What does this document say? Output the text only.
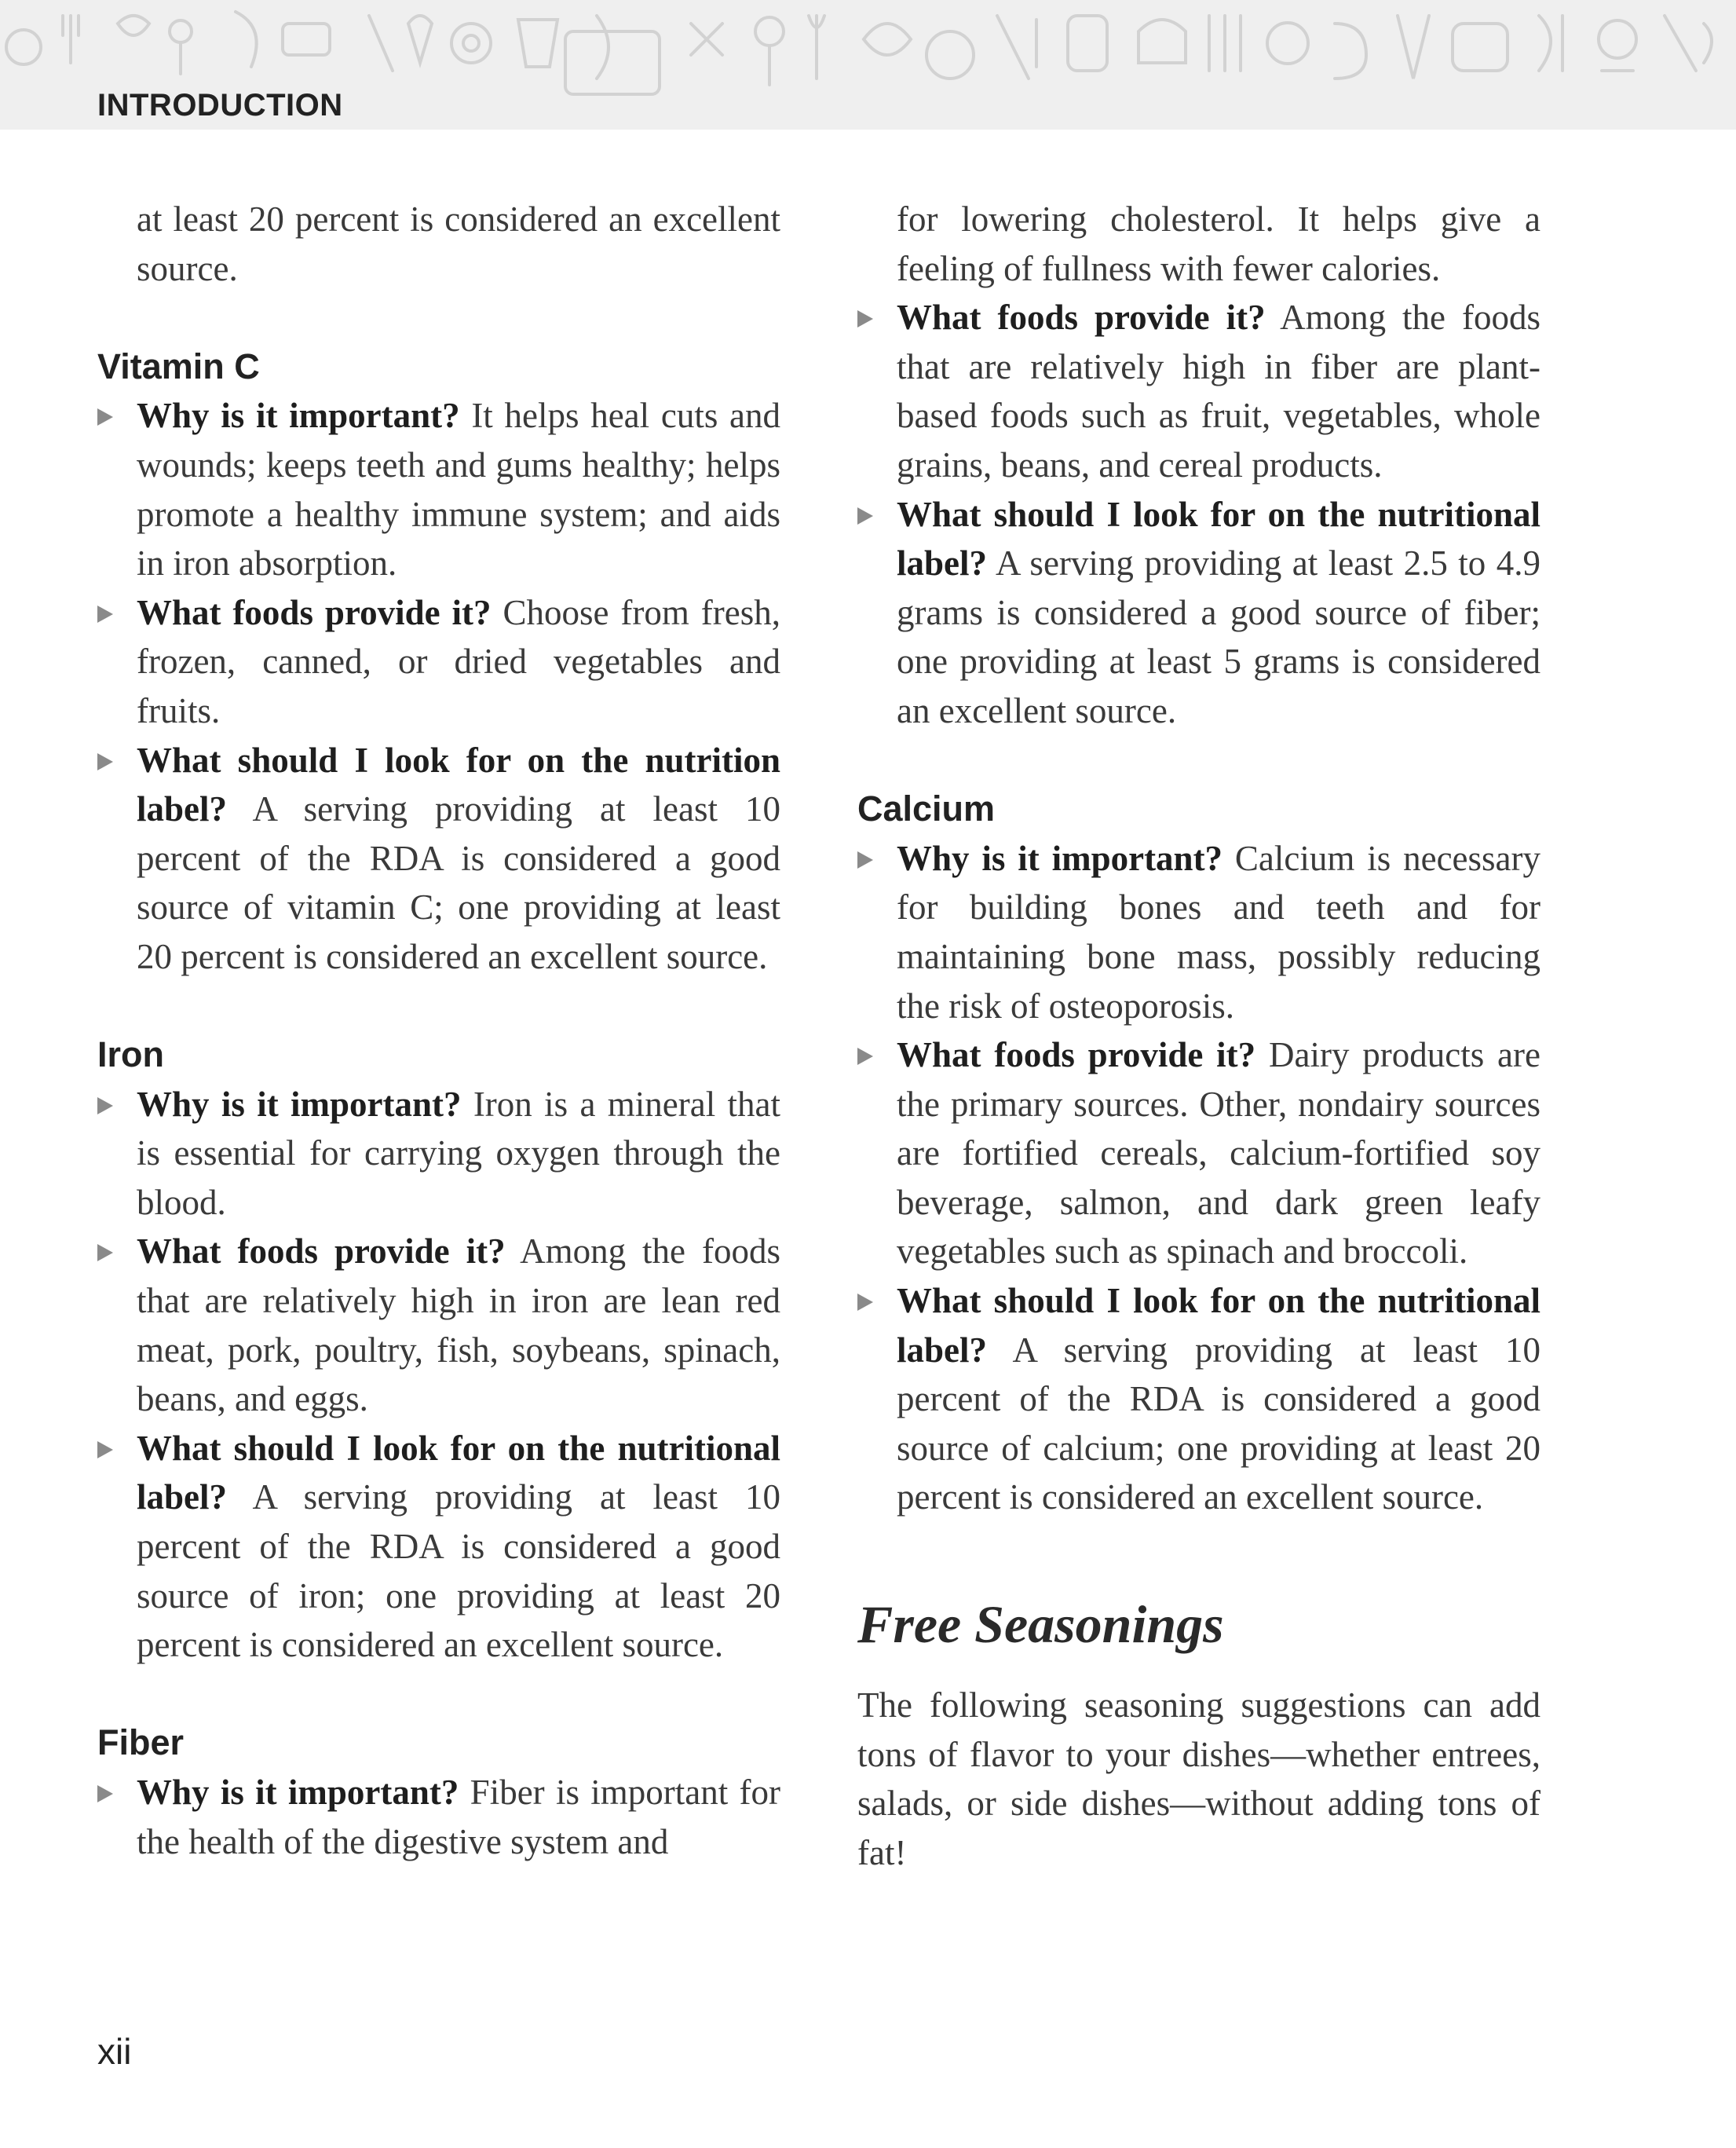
INTRODUCTION

at least 20 percent is considered an excellent source.

Vitamin C
Why is it important? It helps heal cuts and wounds; keeps teeth and gums healthy; helps promote a healthy immune system; and aids in iron absorption.
What foods provide it? Choose from fresh, frozen, canned, or dried vegetables and fruits.
What should I look for on the nutrition label? A serving providing at least 10 percent of the RDA is considered a good source of vitamin C; one providing at least 20 percent is considered an excellent source.
Iron
Why is it important? Iron is a mineral that is essential for carrying oxygen through the blood.
What foods provide it? Among the foods that are relatively high in iron are lean red meat, pork, poultry, fish, soybeans, spinach, beans, and eggs.
What should I look for on the nutritional label? A serving providing at least 10 percent of the RDA is considered a good source of iron; one providing at least 20 percent is considered an excellent source.
Fiber
Why is it important? Fiber is important for the health of the digestive system and

for lowering cholesterol. It helps give a feeling of fullness with fewer calories.

What foods provide it? Among the foods that are relatively high in fiber are plant-based foods such as fruit, vegetables, whole grains, beans, and cereal products.
What should I look for on the nutritional label? A serving providing at least 2.5 to 4.9 grams is considered a good source of fiber; one providing at least 5 grams is considered an excellent source.
Calcium
Why is it important? Calcium is necessary for building bones and teeth and for maintaining bone mass, possibly reducing the risk of osteoporosis.
What foods provide it? Dairy products are the primary sources. Other, nondairy sources are fortified cereals, calcium-fortified soy beverage, salmon, and dark green leafy vegetables such as spinach and broccoli.
What should I look for on the nutritional label? A serving providing at least 10 percent of the RDA is considered a good source of calcium; one providing at least 20 percent is considered an excellent source.
Free Seasonings

The following seasoning suggestions can add tons of flavor to your dishes—whether entrees, salads, or side dishes—without adding tons of fat!

xii
